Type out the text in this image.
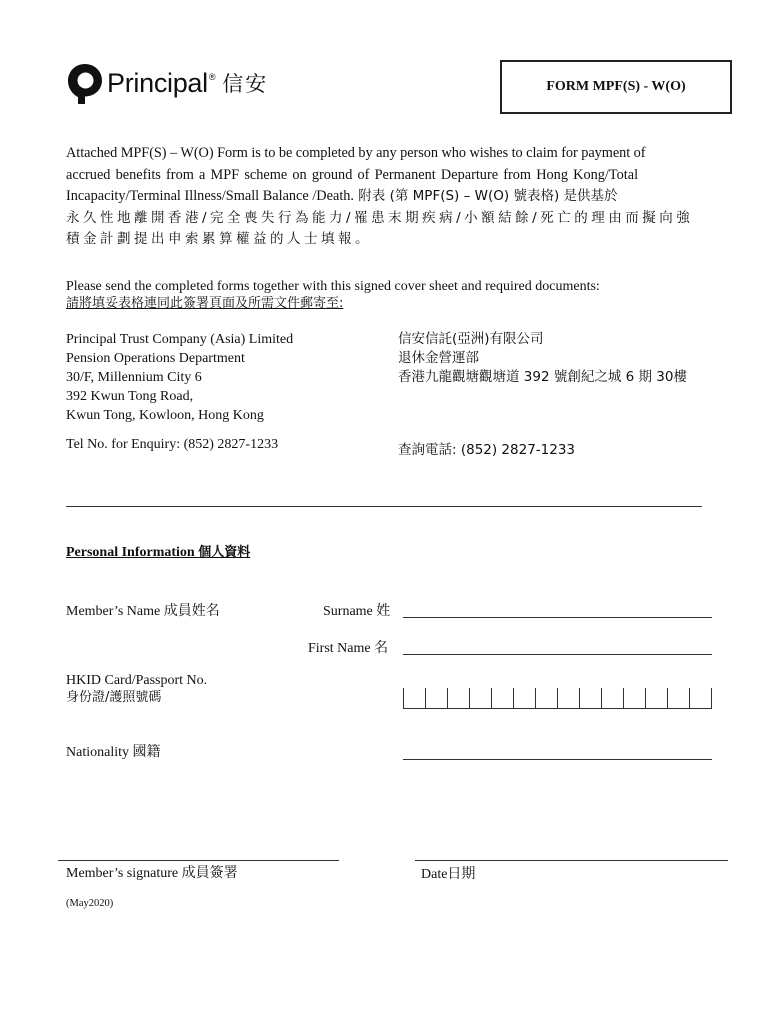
Principal® 信安	FORM MPF(S) - W(O)
Attached MPF(S) – W(O) Form is to be completed by any person who wishes to claim for payment of
accrued benefits from a MPF scheme on ground of Permanent Departure from Hong Kong/Total
Incapacity/Terminal Illness/Small Balance /Death. 附表 (第 MPF(S) – W(O) 號表格) 是供基於
永久性地離開香港/完全喪失行為能力/罹患末期疾病/小額結餘/死亡的理由而擬向強
積金計劃提出申索累算權益的人士填報。
Please send the completed forms together with this signed cover sheet and required documents:
請將填妥表格連同此簽署頁面及所需文件郵寄至:
Principal Trust Company (Asia) Limited
Pension Operations Department
30/F, Millennium City 6
392 Kwun Tong Road,
Kwun Tong, Kowloon, Hong Kong
信安信託(亞洲)有限公司
退休金營運部
香港九龍觀塘觀塘道 392 號創紀之城 6 期 30樓
Tel No. for Enquiry: (852) 2827-1233	查詢電話: (852) 2827-1233
Personal Information 個人資料
Member’s Name 成員姓名	Surname 姓
First Name 名
HKID Card/Passport No.
身份證/護照號碼
Nationality 國籍
Member’s signature 成員簽署	Date日期
(May2020)
